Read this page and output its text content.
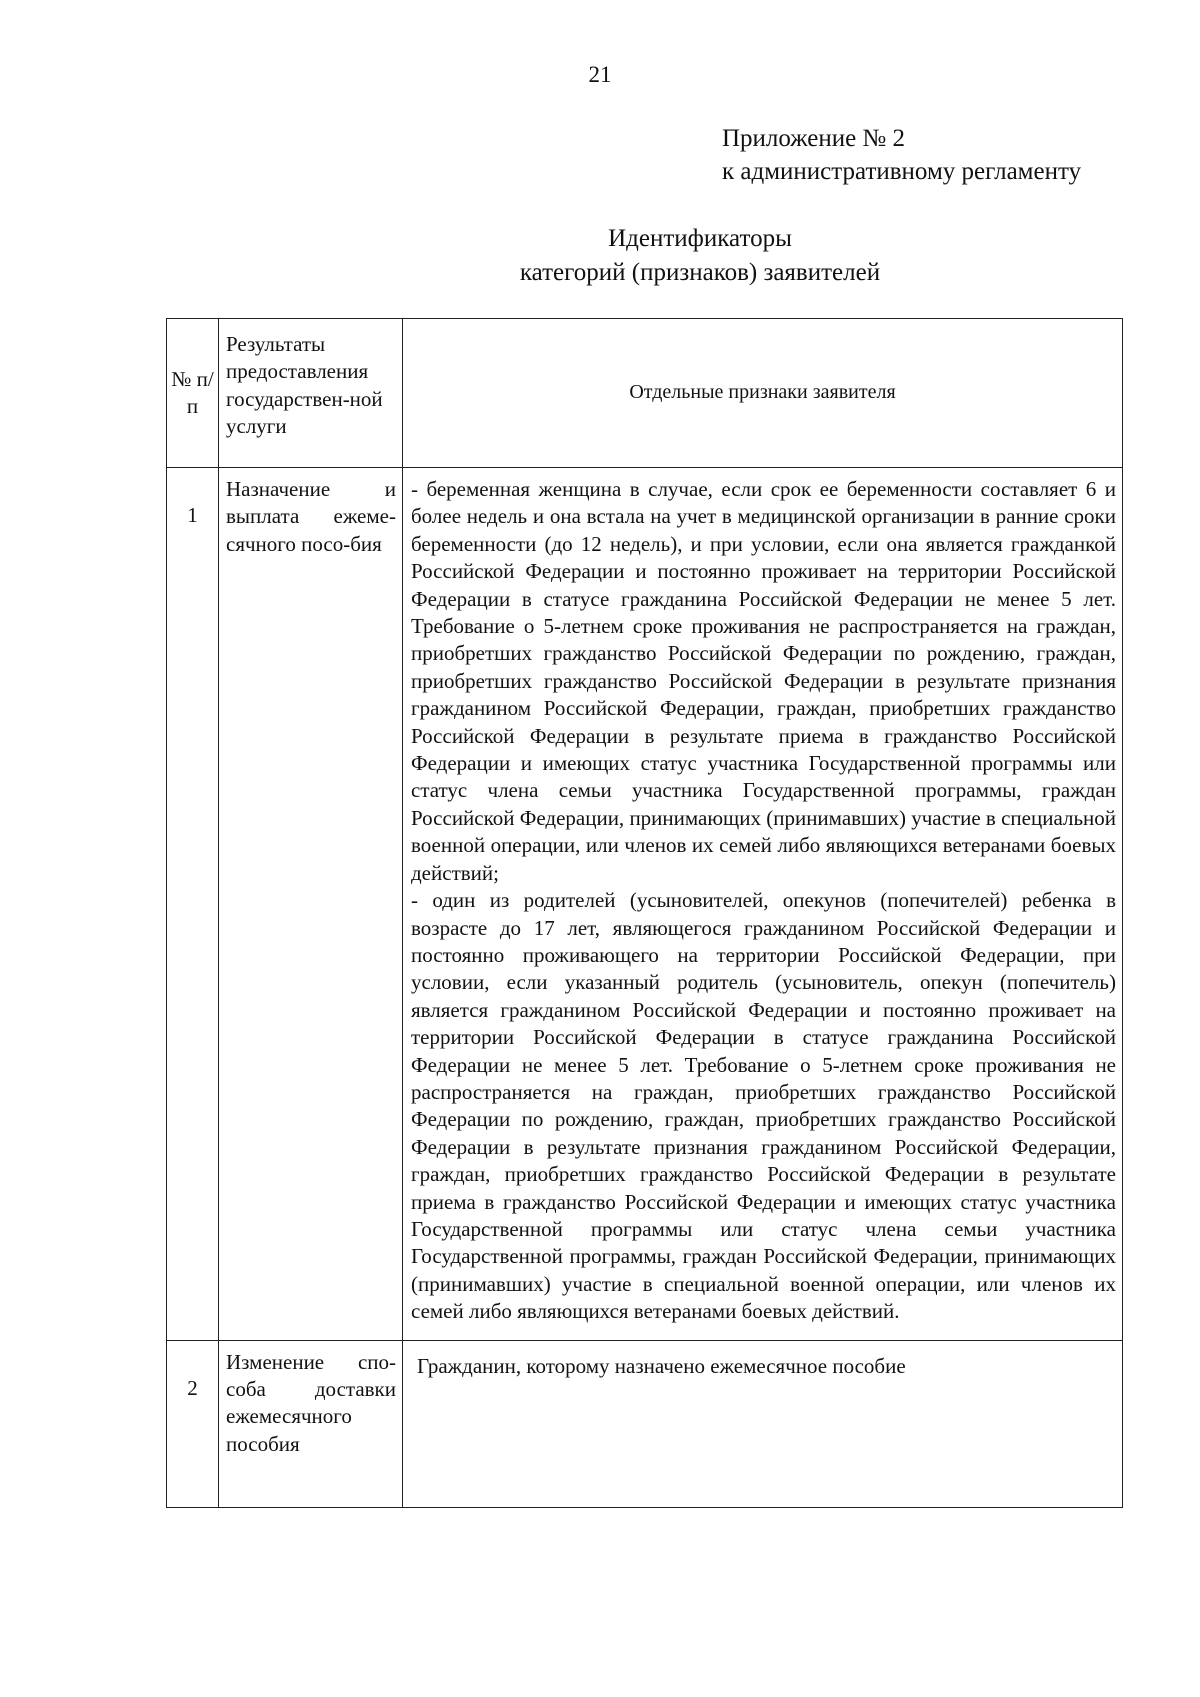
21
Приложение № 2
к административному регламенту
Идентификаторы
категорий (признаков) заявителей
№ п/п	Результаты предоставления государствен-ной услуги	Отдельные признаки заявителя
1	Назначение и выплата ежеме-сячного посо-бия	- беременная женщина в случае, если срок ее беременности составляет 6 и более недель и она встала на учет в медицинской организации в ранние сроки беременности (до 12 недель), и при условии, если она является гражданкой Российской Федерации и постоянно проживает на территории Российской Федерации в статусе гражданина Российской Федерации не менее 5 лет. Требование о 5-летнем сроке проживания не распространяется на граждан, приобретших гражданство Российской Федерации по рождению, граждан, приобретших гражданство Российской Федерации в результате признания гражданином Российской Федерации, граждан, приобретших гражданство Российской Федерации в результате приема в гражданство Российской Федерации и имеющих статус участника Государственной программы или статус члена семьи участника Государственной программы, граждан Российской Федерации, принимающих (принимавших) участие в специальной военной операции, или членов их семей либо являющихся ветеранами боевых действий;

- один из родителей (усыновителей, опекунов (попечителей) ребенка в возрасте до 17 лет, являющегося гражданином Российской Федерации и постоянно проживающего на территории Российской Федерации, при условии, если указанный родитель (усыновитель, опекун (попечитель) является гражданином Российской Федерации и постоянно проживает на территории Российской Федерации в статусе гражданина Российской Федерации не менее 5 лет. Требование о 5-летнем сроке проживания не распространяется на граждан, приобретших гражданство Российской Федерации по рождению, граждан, приобретших гражданство Российской Федерации в результате признания гражданином Российской Федерации, граждан, приобретших гражданство Российской Федерации в результате приема в гражданство Российской Федерации и имеющих статус участника Государственной программы или статус члена семьи участника Государственной программы, граждан Российской Федерации, принимающих (принимавших) участие в специальной военной операции, или членов их семей либо являющихся ветеранами боевых действий.

2	Изменение спо-соба доставки ежемесячного пособия	Гражданин, которому назначено ежемесячное пособие
